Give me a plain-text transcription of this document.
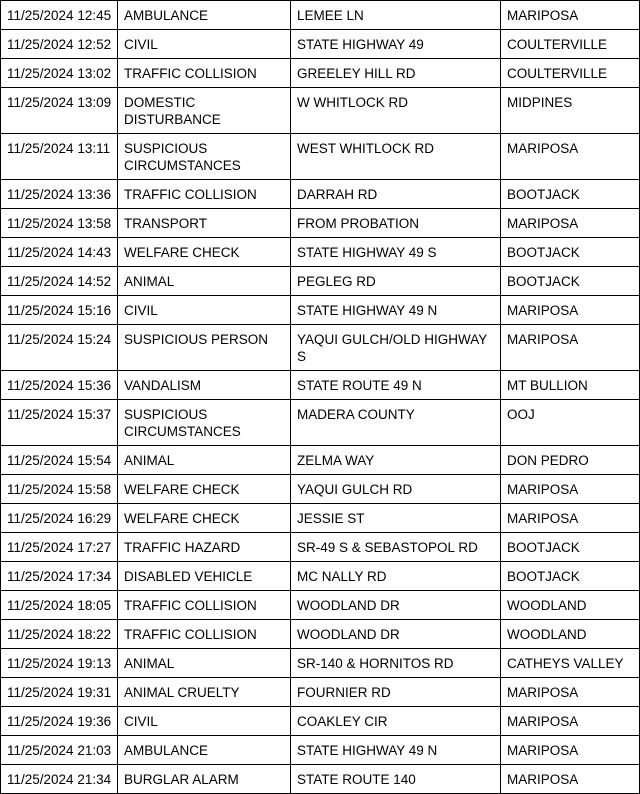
11/25/2024 12:45	AMBULANCE	LEMEE LN	MARIPOSA
11/25/2024 12:52	CIVIL	STATE HIGHWAY 49	COULTERVILLE
11/25/2024 13:02	TRAFFIC COLLISION	GREELEY HILL RD	COULTERVILLE
11/25/2024 13:09	DOMESTIC DISTURBANCE	W WHITLOCK RD	MIDPINES
11/25/2024 13:11	SUSPICIOUS CIRCUMSTANCES	WEST WHITLOCK RD	MARIPOSA
11/25/2024 13:36	TRAFFIC COLLISION	DARRAH RD	BOOTJACK
11/25/2024 13:58	TRANSPORT	FROM PROBATION	MARIPOSA
11/25/2024 14:43	WELFARE CHECK	STATE HIGHWAY 49 S	BOOTJACK
11/25/2024 14:52	ANIMAL	PEGLEG RD	BOOTJACK
11/25/2024 15:16	CIVIL	STATE HIGHWAY 49 N	MARIPOSA
11/25/2024 15:24	SUSPICIOUS PERSON	YAQUI GULCH/OLD HIGHWAY S	MARIPOSA
11/25/2024 15:36	VANDALISM	STATE ROUTE 49 N	MT BULLION
11/25/2024 15:37	SUSPICIOUS CIRCUMSTANCES	MADERA COUNTY	OOJ
11/25/2024 15:54	ANIMAL	ZELMA WAY	DON PEDRO
11/25/2024 15:58	WELFARE CHECK	YAQUI GULCH RD	MARIPOSA
11/25/2024 16:29	WELFARE CHECK	JESSIE ST	MARIPOSA
11/25/2024 17:27	TRAFFIC HAZARD	SR-49 S & SEBASTOPOL RD	BOOTJACK
11/25/2024 17:34	DISABLED VEHICLE	MC NALLY RD	BOOTJACK
11/25/2024 18:05	TRAFFIC COLLISION	WOODLAND DR	WOODLAND
11/25/2024 18:22	TRAFFIC COLLISION	WOODLAND DR	WOODLAND
11/25/2024 19:13	ANIMAL	SR-140 & HORNITOS RD	CATHEYS VALLEY
11/25/2024 19:31	ANIMAL CRUELTY	FOURNIER RD	MARIPOSA
11/25/2024 19:36	CIVIL	COAKLEY CIR	MARIPOSA
11/25/2024 21:03	AMBULANCE	STATE HIGHWAY 49 N	MARIPOSA
11/25/2024 21:34	BURGLAR ALARM	STATE ROUTE 140	MARIPOSA
